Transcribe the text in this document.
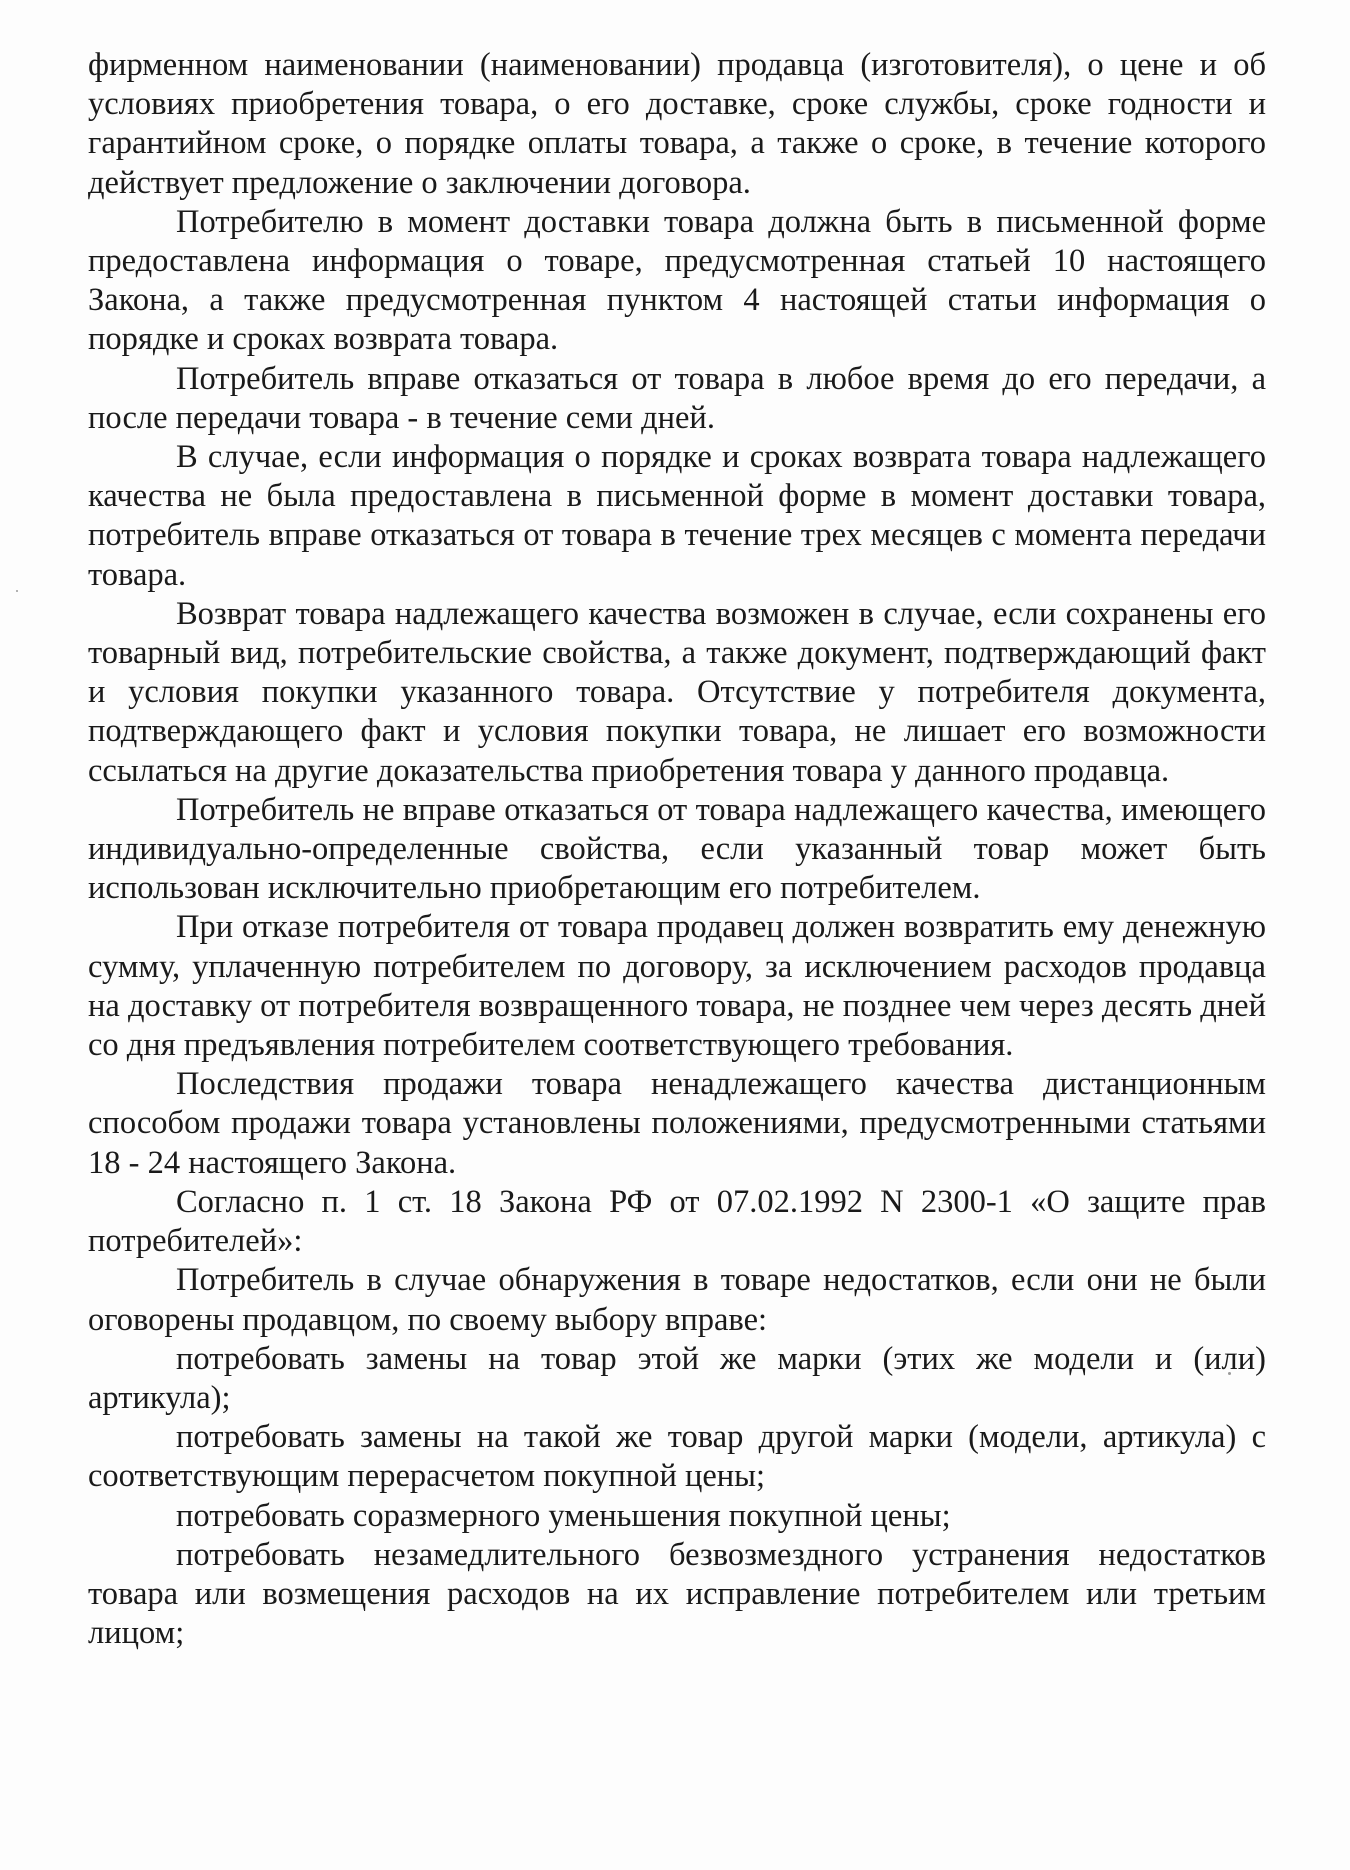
фирменном наименовании (наименовании) продавца (изготовителя), о цене и об условиях приобретения товара, о его доставке, сроке службы, сроке годности и гарантийном сроке, о порядке оплаты товара, а также о сроке, в течение которого действует предложение о заключении договора.

Потребителю в момент доставки товара должна быть в письменной форме предоставлена информация о товаре, предусмотренная статьей 10 настоящего Закона, а также предусмотренная пунктом 4 настоящей статьи информация о порядке и сроках возврата товара.

Потребитель вправе отказаться от товара в любое время до его передачи, а после передачи товара - в течение семи дней.

В случае, если информация о порядке и сроках возврата товара надлежащего качества не была предоставлена в письменной форме в момент доставки товара, потребитель вправе отказаться от товара в течение трех месяцев с момента передачи товара.

Возврат товара надлежащего качества возможен в случае, если сохранены его товарный вид, потребительские свойства, а также документ, подтверждающий факт и условия покупки указанного товара. Отсутствие у потребителя документа, подтверждающего факт и условия покупки товара, не лишает его возможности ссылаться на другие доказательства приобретения товара у данного продавца.

Потребитель не вправе отказаться от товара надлежащего качества, имеющего индивидуально-определенные свойства, если указанный товар может быть использован исключительно приобретающим его потребителем.

При отказе потребителя от товара продавец должен возвратить ему денежную сумму, уплаченную потребителем по договору, за исключением расходов продавца на доставку от потребителя возвращенного товара, не позднее чем через десять дней со дня предъявления потребителем соответствующего требования.

Последствия продажи товара ненадлежащего качества дистанционным способом продажи товара установлены положениями, предусмотренными статьями 18 - 24 настоящего Закона.

Согласно п. 1 ст. 18 Закона РФ от 07.02.1992 N 2300-1 «О защите прав потребителей»:

Потребитель в случае обнаружения в товаре недостатков, если они не были оговорены продавцом, по своему выбору вправе:

потребовать замены на товар этой же марки (этих же модели и (или) артикула);

потребовать замены на такой же товар другой марки (модели, артикула) с соответствующим перерасчетом покупной цены;

потребовать соразмерного уменьшения покупной цены;

потребовать незамедлительного безвозмездного устранения недостатков товара или возмещения расходов на их исправление потребителем или третьим лицом;
